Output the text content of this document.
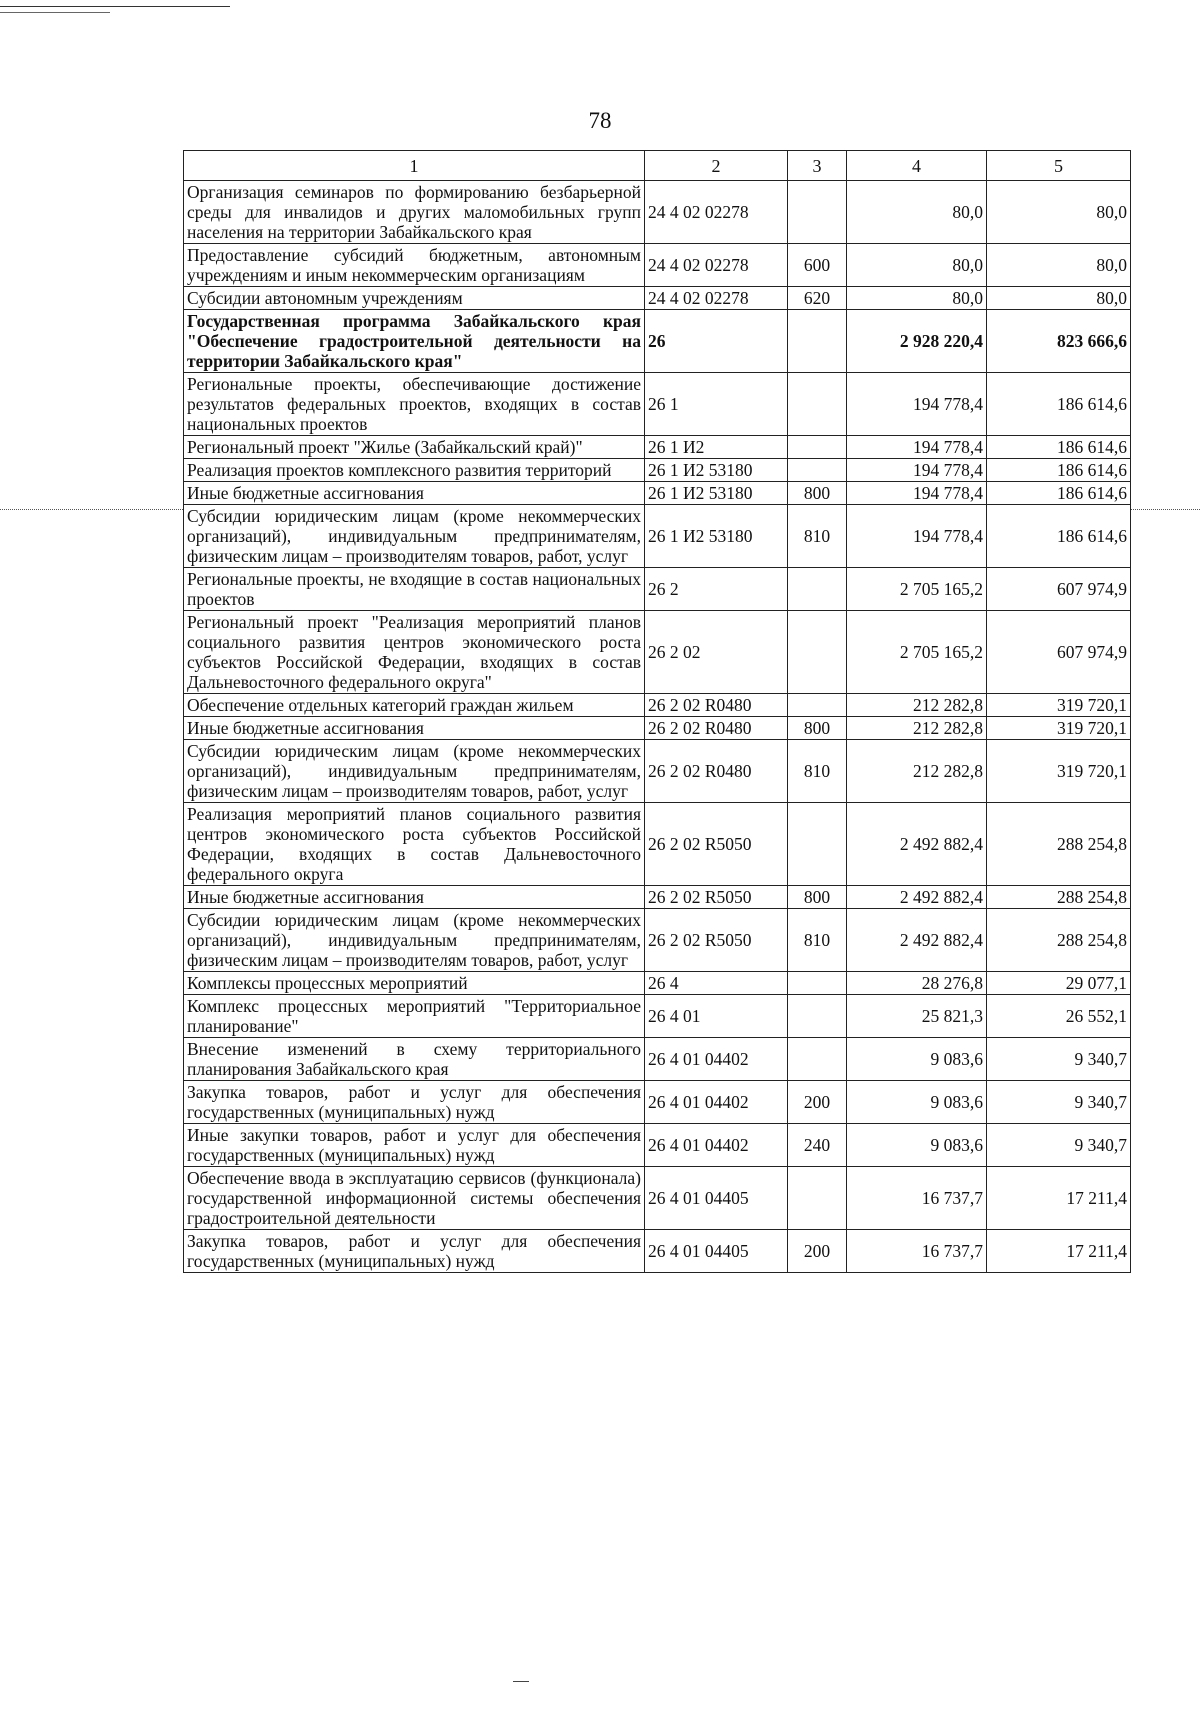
78
1	2	3	4	5
Организация семинаров по формированию безбарьерной среды для инвалидов и других маломобильных групп населения на территории Забайкальского края	24 4 02 02278		80,0	80,0
Предоставление субсидий бюджетным, автономным учреждениям и иным некоммерческим организациям	24 4 02 02278	600	80,0	80,0
Субсидии автономным учреждениям	24 4 02 02278	620	80,0	80,0
Государственная программа Забайкальского края "Обеспечение градостроительной деятельности на территории Забайкальского края"	26		2 928 220,4	823 666,6
Региональные проекты, обеспечивающие достижение результатов федеральных проектов, входящих в состав национальных проектов	26 1		194 778,4	186 614,6
Региональный проект "Жилье (Забайкальский край)"	26 1 И2		194 778,4	186 614,6
Реализация проектов комплексного развития территорий	26 1 И2 53180		194 778,4	186 614,6
Иные бюджетные ассигнования	26 1 И2 53180	800	194 778,4	186 614,6
Субсидии юридическим лицам (кроме некоммерческих организаций), индивидуальным предпринимателям, физическим лицам – производителям товаров, работ, услуг	26 1 И2 53180	810	194 778,4	186 614,6
Региональные проекты, не входящие в состав национальных проектов	26 2		2 705 165,2	607 974,9
Региональный проект "Реализация мероприятий планов социального развития центров экономического роста субъектов Российской Федерации, входящих в состав Дальневосточного федерального округа"	26 2 02		2 705 165,2	607 974,9
Обеспечение отдельных категорий граждан жильем	26 2 02 R0480		212 282,8	319 720,1
Иные бюджетные ассигнования	26 2 02 R0480	800	212 282,8	319 720,1
Субсидии юридическим лицам (кроме некоммерческих организаций), индивидуальным предпринимателям, физическим лицам – производителям товаров, работ, услуг	26 2 02 R0480	810	212 282,8	319 720,1
Реализация мероприятий планов социального развития центров экономического роста субъектов Российской Федерации, входящих в состав Дальневосточного федерального округа	26 2 02 R5050		2 492 882,4	288 254,8
Иные бюджетные ассигнования	26 2 02 R5050	800	2 492 882,4	288 254,8
Субсидии юридическим лицам (кроме некоммерческих организаций), индивидуальным предпринимателям, физическим лицам – производителям товаров, работ, услуг	26 2 02 R5050	810	2 492 882,4	288 254,8
Комплексы процессных мероприятий	26 4		28 276,8	29 077,1
Комплекс процессных мероприятий "Территориальное планирование"	26 4 01		25 821,3	26 552,1
Внесение изменений в схему территориального планирования Забайкальского края	26 4 01 04402		9 083,6	9 340,7
Закупка товаров, работ и услуг для обеспечения государственных (муниципальных) нужд	26 4 01 04402	200	9 083,6	9 340,7
Иные закупки товаров, работ и услуг для обеспечения государственных (муниципальных) нужд	26 4 01 04402	240	9 083,6	9 340,7
Обеспечение ввода в эксплуатацию сервисов (функционала) государственной информационной системы обеспечения градостроительной деятельности	26 4 01 04405		16 737,7	17 211,4
Закупка товаров, работ и услуг для обеспечения государственных (муниципальных) нужд	26 4 01 04405	200	16 737,7	17 211,4
